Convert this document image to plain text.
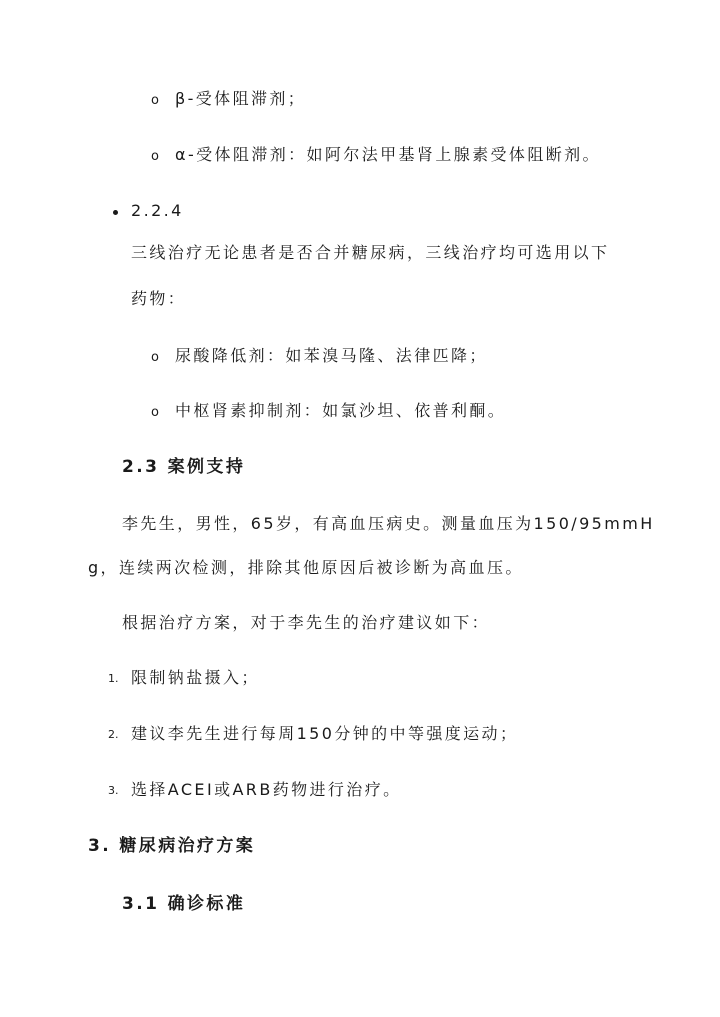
o β-受体阻滞剂；
o α-受体阻滞剂：如阿尔法甲基肾上腺素受体阻断剂。
2.2.4
三线治疗无论患者是否合并糖尿病，三线治疗均可选用以下
药物：
o 尿酸降低剂：如苯溴马隆、法律匹降；
o 中枢肾素抑制剂：如氯沙坦、依普利酮。
2.3 案例支持
李先生，男性，65岁，有高血压病史。测量血压为150/95mmH
g，连续两次检测，排除其他原因后被诊断为高血压。
根据治疗方案，对于李先生的治疗建议如下：
1. 限制钠盐摄入；
2. 建议李先生进行每周150分钟的中等强度运动；
3. 选择ACEI或ARB药物进行治疗。
3. 糖尿病治疗方案
3.1 确诊标准
